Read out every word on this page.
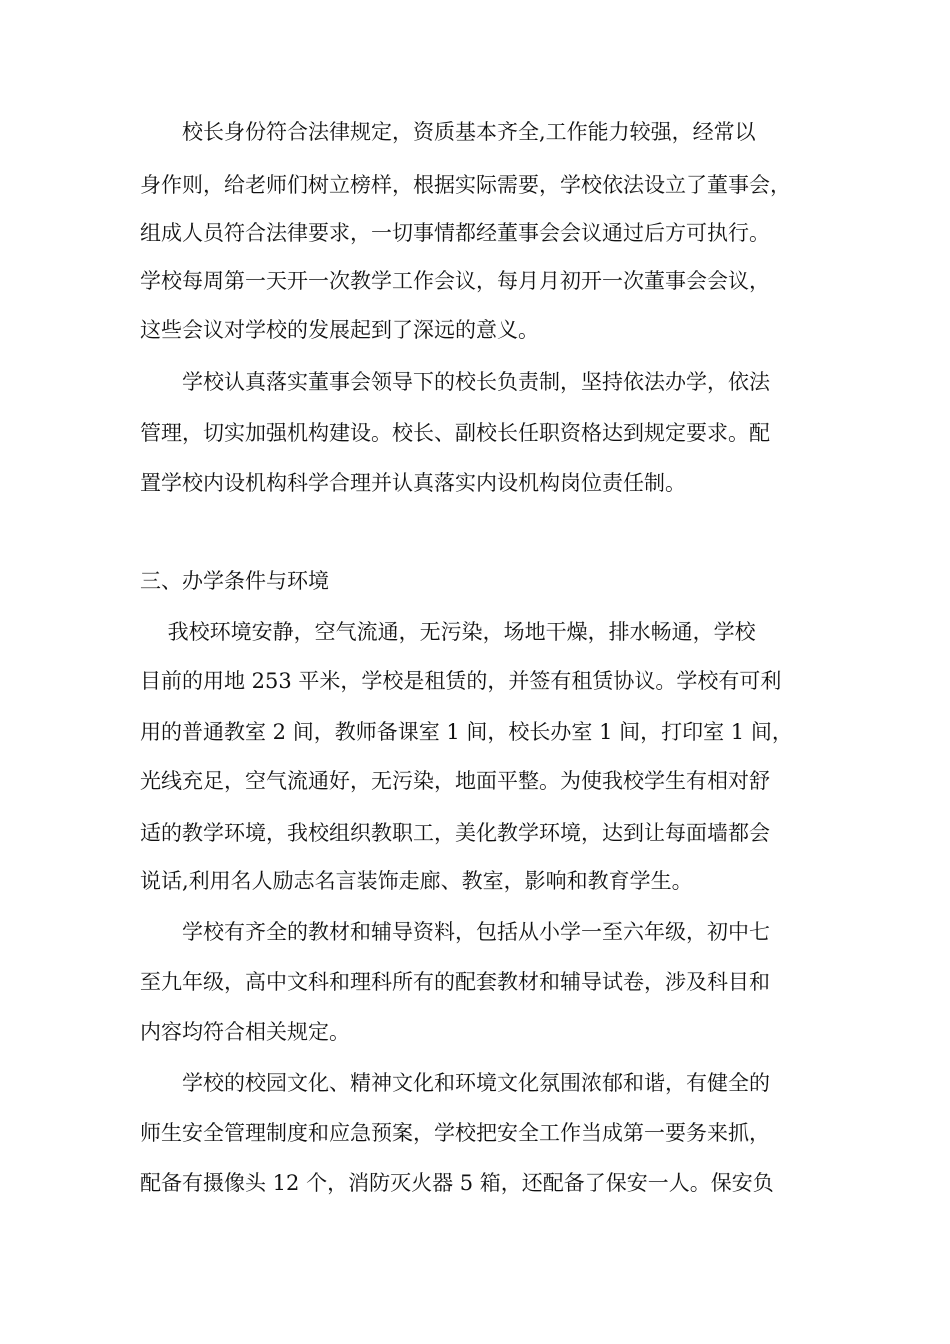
　　校长身份符合法律规定，资质基本齐全,工作能力较强，经常以
身作则，给老师们树立榜样，根据实际需要，学校依法设立了董事会，
组成人员符合法律要求，一切事情都经董事会会议通过后方可执行。
学校每周第一天开一次教学工作会议，每月月初开一次董事会会议，
这些会议对学校的发展起到了深远的意义。
　　学校认真落实董事会领导下的校长负责制，坚持依法办学，依法
管理，切实加强机构建设。校长、副校长任职资格达到规定要求。配
置学校内设机构科学合理并认真落实内设机构岗位责任制。
三、办学条件与环境
　 我校环境安静，空气流通，无污染，场地干燥，排水畅通，学校
目前的用地 253 平米，学校是租赁的，并签有租赁协议。学校有可利
用的普通教室 2 间，教师备课室 1 间，校长办室 1 间，打印室 1 间，
光线充足，空气流通好，无污染，地面平整。为使我校学生有相对舒
适的教学环境，我校组织教职工，美化教学环境，达到让每面墙都会
说话,利用名人励志名言装饰走廊、教室，影响和教育学生。
　　学校有齐全的教材和辅导资料，包括从小学一至六年级，初中七
至九年级，高中文科和理科所有的配套教材和辅导试卷，涉及科目和
内容均符合相关规定。
　　学校的校园文化、精神文化和环境文化氛围浓郁和谐，有健全的
师生安全管理制度和应急预案，学校把安全工作当成第一要务来抓，
配备有摄像头 12 个，消防灭火器 5 箱，还配备了保安一人。保安负
